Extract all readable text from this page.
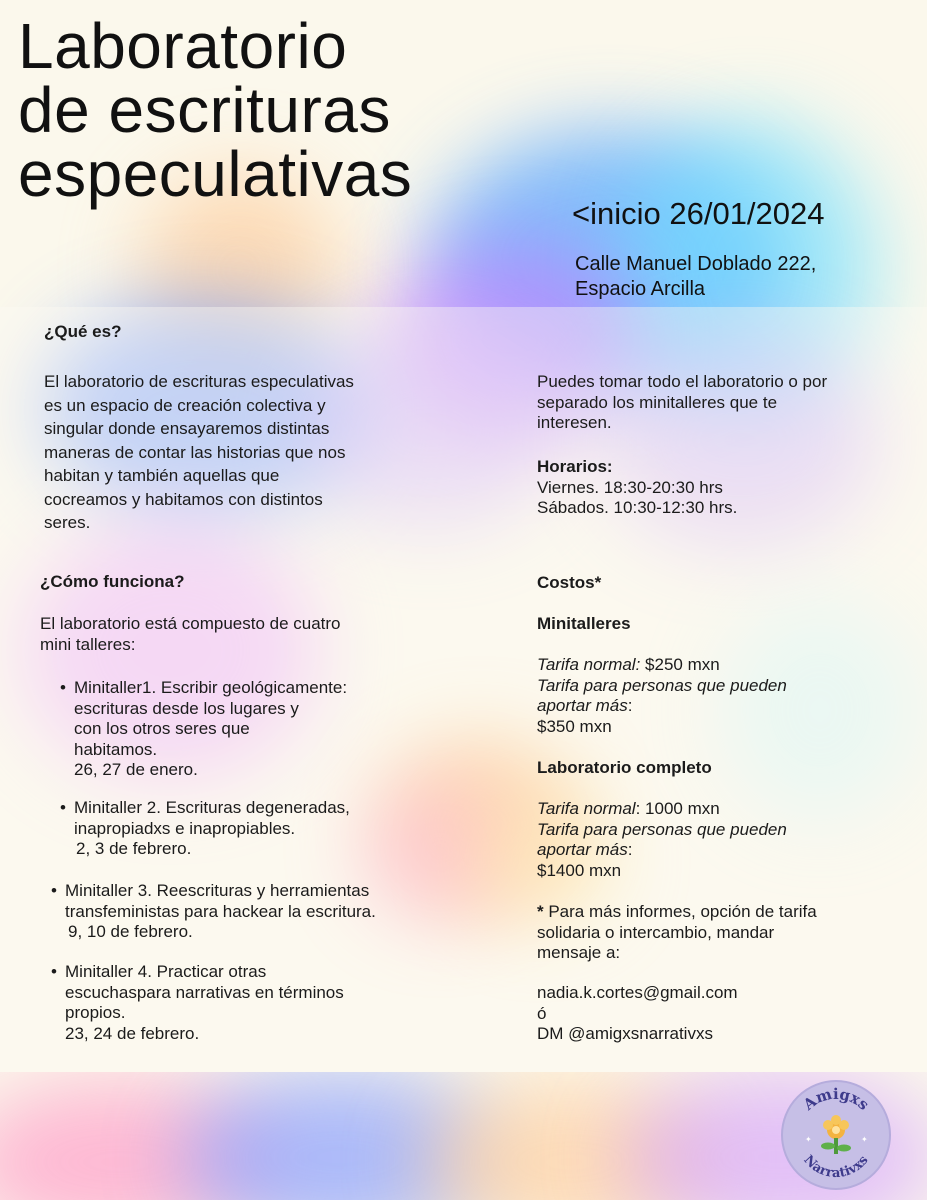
Laboratorio
de escrituras
especulativas
<inicio 26/01/2024
Calle Manuel Doblado 222,
Espacio Arcilla

¿Qué es?

El laboratorio de escrituras especulativas

es un espacio de creación colectiva y

singular donde ensayaremos distintas

maneras de contar las historias que nos

habitan y también aquellas que

cocreamos y habitamos con distintos

seres.

¿Cómo funciona?

El laboratorio está compuesto de cuatro

mini talleres:

• Minitaller1. Escribir geológicamente:
escrituras desde los lugares y
con los otros seres que
habitamos.
26, 27 de enero.
• Minitaller 2. Escrituras degeneradas,
inapropiadxs e inapropiables.
2, 3 de febrero.
• Minitaller 3. Reescrituras y herramientas
transfeministas para hackear la escritura.
9, 10 de febrero.
• Minitaller 4. Practicar otras
escuchaspara narrativas en términos
propios.
23, 24 de febrero.

Puedes tomar todo el laboratorio o por

separado los minitalleres que te

interesen.

Horarios:

Viernes. 18:30-20:30 hrs

Sábados. 10:30-12:30 hrs.

Costos*

Minitalleres

Tarifa normal: $250 mxn

Tarifa para personas que pueden

aportar más:

$350 mxn

Laboratorio completo

Tarifa normal: 1000 mxn

Tarifa para personas que pueden

aportar más:

$1400 mxn

* Para más informes, opción de tarifa

solidaria o intercambio, mandar

mensaje a:

nadia.k.cortes@gmail.com

ó

DM @amigxsnarrativxs

Amigxs
Narrativxs
✦	✦
